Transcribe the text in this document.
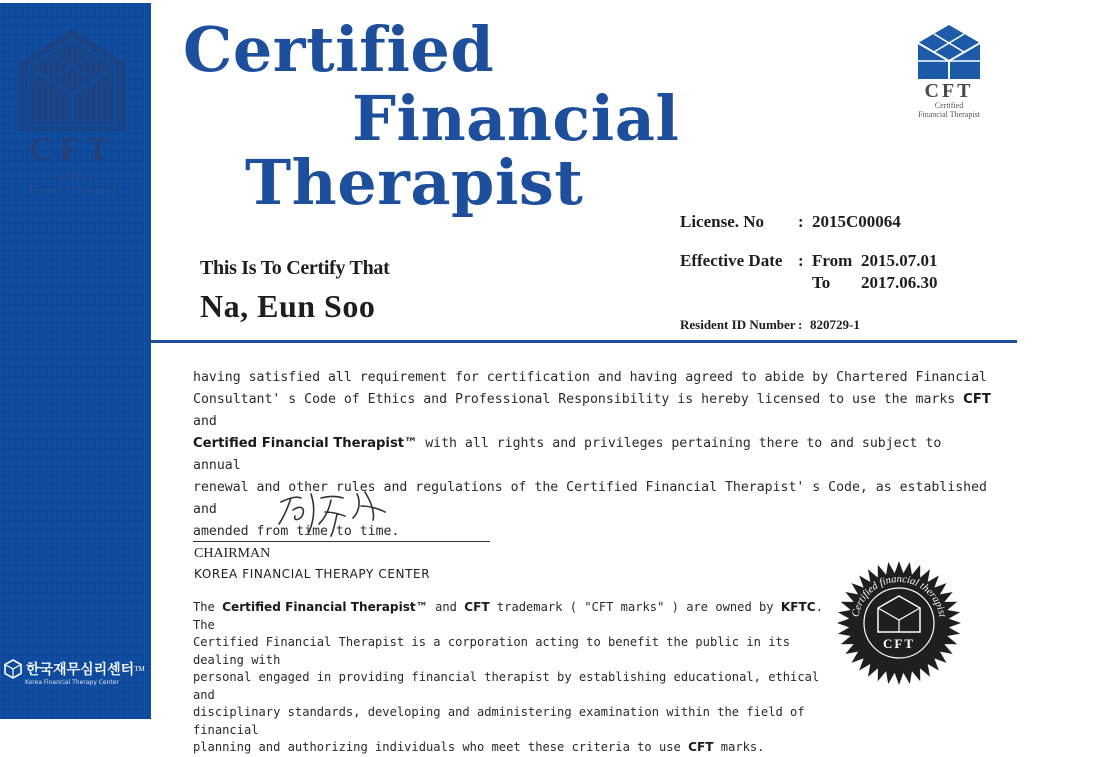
CFT
Certified
Financial Therapist
한국재무심리센터 TM
Korea Financial Therapy Center
Certified
Financial
Therapist
CFT
Certified
Financial Therapist
License. No : 2015C00064
Effective Date : From 2015.07.01
To 2017.06.30
Resident ID Number : 820729-1
This Is To Certify That
Na, Eun Soo
having satisfied all requirement for certification and having agreed to abide by Chartered Financial
Consultant' s Code of Ethics and Professional Responsibility is hereby licensed to use the marks CFT and
Certified Financial Therapist™ with all rights and privileges pertaining there to and subject to annual
renewal and other rules and regulations of the Certified Financial Therapist' s Code, as established and
amended from time to time.
CHAIRMAN
KOREA FINANCIAL THERAPY CENTER
The Certified Financial Therapist™ and CFT trademark ( "CFT marks" ) are owned by KFTC. The
Certified Financial Therapist is a corporation acting to benefit the public in its dealing with
personal engaged in providing financial therapist by establishing educational, ethical and
disciplinary standards, developing and administering examination within the field of financial
planning and authorizing individuals who meet these criteria to use CFT marks.
Certified financial therapist
CFT
